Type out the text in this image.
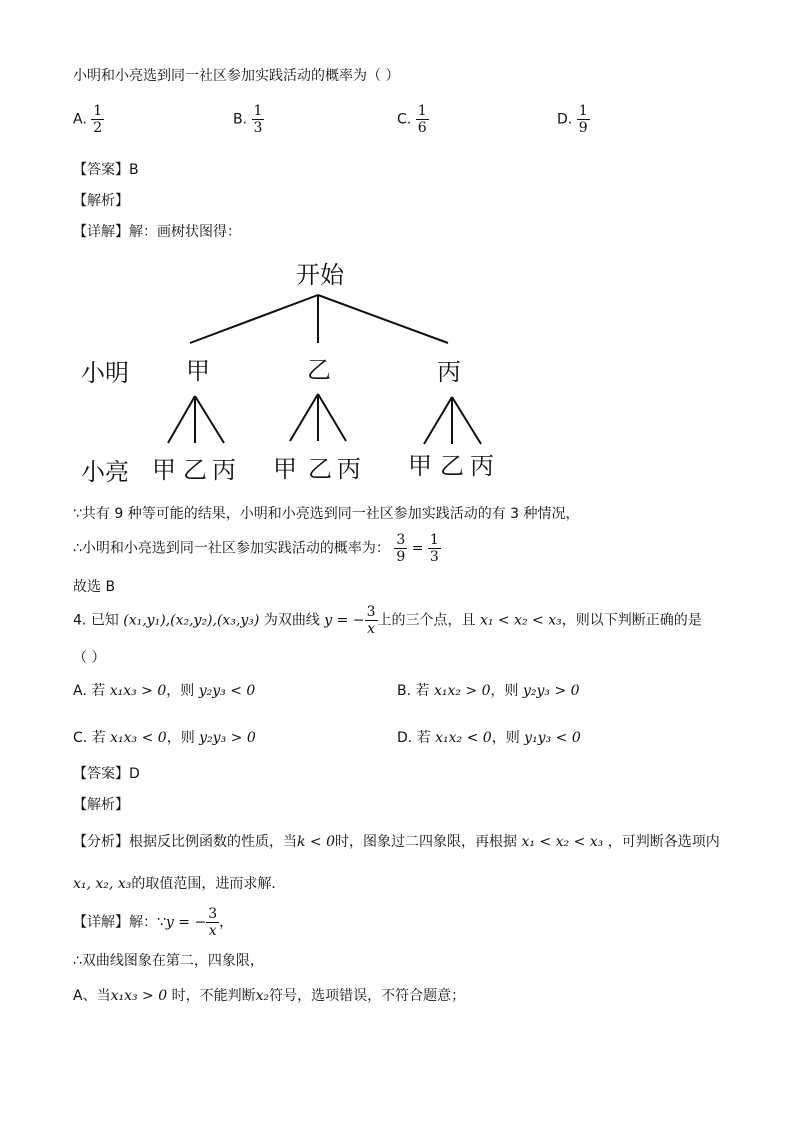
小明和小亮选到同一社区参加实践活动的概率为（ ）
A. $\frac{1}{2}$	B. $\frac{1}{3}$	C. $\frac{1}{6}$	D. $\frac{1}{9}$
【答案】B
【解析】
【详解】解：画树状图得：
开始
小明 甲	乙	丙
小亮 甲 乙 丙 甲 乙 丙 甲 乙 丙
∵共有 9 种等可能的结果，小明和小亮选到同一社区参加实践活动的有 3 种情况，
∴小明和小亮选到同一社区参加实践活动的概率为： $\frac{3}{9} = \frac{1}{3}$
故选 B
4. 已知 (x₁,y₁),(x₂,y₂),(x₃,y₃) 为双曲线 y = − $\frac{3}{x}$ 上的三个点，且 x₁ < x₂ < x₃，则以下判断正确的是
（ ）
A. 若 x₁x₃ > 0，则 y₂y₃ < 0	B. 若 x₁x₂ > 0，则 y₂y₃ > 0
C. 若 x₁x₃ < 0，则 y₂y₃ > 0	D. 若 x₁x₂ < 0，则 y₁y₃ < 0
【答案】D
【解析】
【分析】根据反比例函数的性质，当k < 0时，图象过二四象限，再根据 x₁ < x₂ < x₃ ，可判断各选项内
x₁, x₂, x₃的取值范围，进而求解．
【详解】解：∵y = − $\frac{3}{x}$ ，
∴双曲线图象在第二，四象限，
A、当x₁x₃ > 0 时，不能判断x₂符号，选项错误，不符合题意；
